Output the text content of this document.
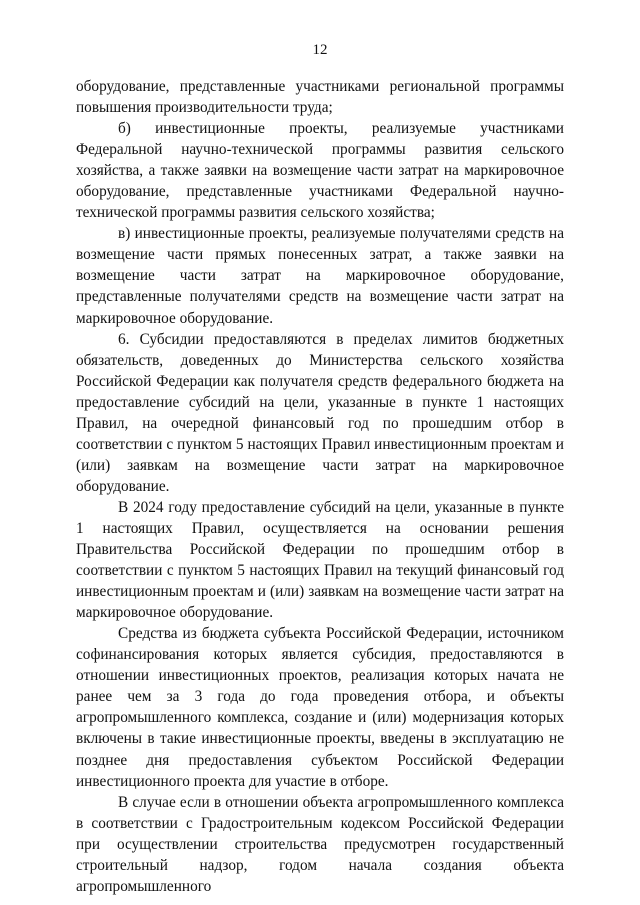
12

оборудование, представленные участниками региональной программы повышения производительности труда;

б) инвестиционные проекты, реализуемые участниками Федеральной научно-технической программы развития сельского хозяйства, а также заявки на возмещение части затрат на маркировочное оборудование, представленные участниками Федеральной научно-технической программы развития сельского хозяйства;

в) инвестиционные проекты, реализуемые получателями средств на возмещение части прямых понесенных затрат, а также заявки на возмещение части затрат на маркировочное оборудование, представленные получателями средств на возмещение части затрат на маркировочное оборудование.

6. Субсидии предоставляются в пределах лимитов бюджетных обязательств, доведенных до Министерства сельского хозяйства Российской Федерации как получателя средств федерального бюджета на предоставление субсидий на цели, указанные в пункте 1 настоящих Правил, на очередной финансовый год по прошедшим отбор в соответствии с пунктом 5 настоящих Правил инвестиционным проектам и (или) заявкам на возмещение части затрат на маркировочное оборудование.

В 2024 году предоставление субсидий на цели, указанные в пункте 1 настоящих Правил, осуществляется на основании решения Правительства Российской Федерации по прошедшим отбор в соответствии с пунктом 5 настоящих Правил на текущий финансовый год инвестиционным проектам и (или) заявкам на возмещение части затрат на маркировочное оборудование.

Средства из бюджета субъекта Российской Федерации, источником софинансирования которых является субсидия, предоставляются в отношении инвестиционных проектов, реализация которых начата не ранее чем за 3 года до года проведения отбора, и объекты агропромышленного комплекса, создание и (или) модернизация которых включены в такие инвестиционные проекты, введены в эксплуатацию не позднее дня предоставления субъектом Российской Федерации инвестиционного проекта для участие в отборе.

В случае если в отношении объекта агропромышленного комплекса в соответствии с Градостроительным кодексом Российской Федерации при осуществлении строительства предусмотрен государственный строительный надзор, годом начала создания объекта агропромышленного
